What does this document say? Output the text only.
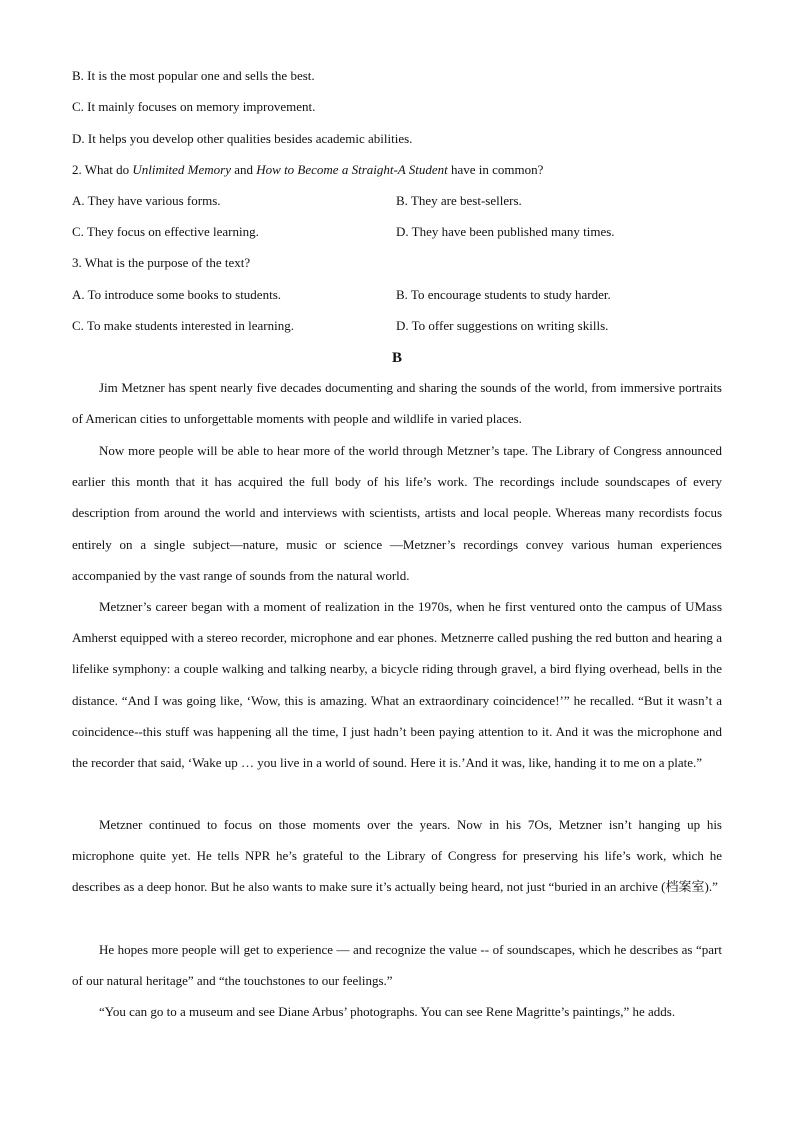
B. It is the most popular one and sells the best.
C. It mainly focuses on memory improvement.
D. It helps you develop other qualities besides academic abilities.
2. What do Unlimited Memory and How to Become a Straight-A Student have in common?
A. They have various forms.	B. They are best-sellers.
C. They focus on effective learning.	D. They have been published many times.
3. What is the purpose of the text?
A. To introduce some books to students.	B. To encourage students to study harder.
C. To make students interested in learning.	D. To offer suggestions on writing skills.
B
Jim Metzner has spent nearly five decades documenting and sharing the sounds of the world, from immersive portraits of American cities to unforgettable moments with people and wildlife in varied places.
Now more people will be able to hear more of the world through Metzner’s tape. The Library of Congress announced earlier this month that it has acquired the full body of his life’s work. The recordings include soundscapes of every description from around the world and interviews with scientists, artists and local people. Whereas many recordists focus entirely on a single subject—nature, music or science —Metzner’s recordings convey various human experiences accompanied by the vast range of sounds from the natural world.
Metzner’s career began with a moment of realization in the 1970s, when he first ventured onto the campus of UMass Amherst equipped with a stereo recorder, microphone and ear phones. Metznerre called pushing the red button and hearing a lifelike symphony: a couple walking and talking nearby, a bicycle riding through gravel, a bird flying overhead, bells in the distance. “And I was going like, ‘Wow, this is amazing. What an extraordinary coincidence!’” he recalled. “But it wasn’t a coincidence--this stuff was happening all the time, I just hadn’t been paying attention to it. And it was the microphone and the recorder that said, ‘Wake up … you live in a world of sound. Here it is.’And it was, like, handing it to me on a plate.”
Metzner continued to focus on those moments over the years. Now in his 7Os, Metzner isn’t hanging up his microphone quite yet. He tells NPR he’s grateful to the Library of Congress for preserving his life’s work, which he describes as a deep honor. But he also wants to make sure it’s actually being heard, not just “buried in an archive (档案室).”
He hopes more people will get to experience — and recognize the value -- of soundscapes, which he describes as “part of our natural heritage” and “the touchstones to our feelings.”
“You can go to a museum and see Diane Arbus’ photographs. You can see Rene Magritte’s paintings,” he adds.
